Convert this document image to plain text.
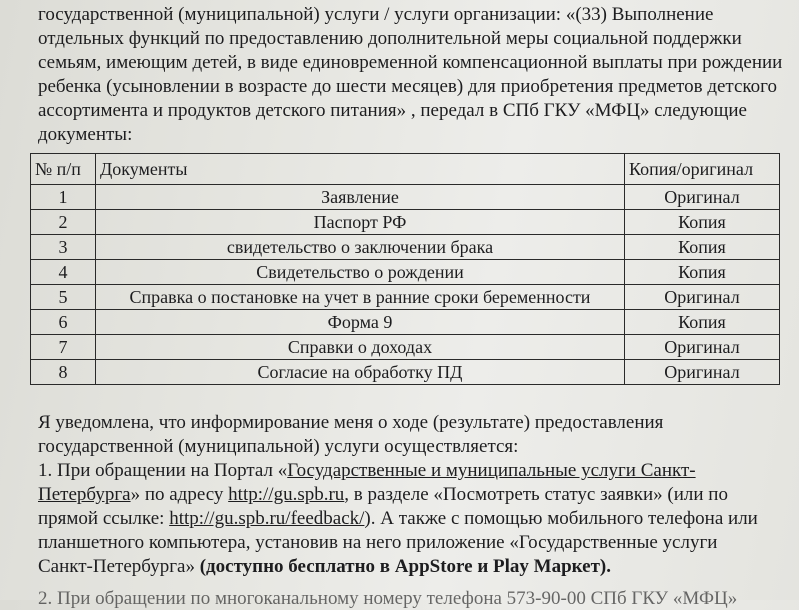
государственной (муниципальной) услуги / услуги организации: «(33) Выполнение
отдельных функций по предоставлению дополнительной меры социальной поддержки
семьям, имеющим детей, в виде единовременной компенсационной выплаты при рождении
ребенка (усыновлении в возрасте до шести месяцев) для приобретения предметов детского
ассортимента и продуктов детского питания» , передал в СПб ГКУ «МФЦ» следующие
документы:
№ п/п	Документы	Копия/оригинал
1	Заявление	Оригинал
2	Паспорт РФ	Копия
3	свидетельство о заключении брака	Копия
4	Свидетельство о рождении	Копия
5	Справка о постановке на учет в ранние сроки беременности	Оригинал
6	Форма 9	Копия
7	Справки о доходах	Оригинал
8	Согласие на обработку ПД	Оригинал
Я уведомлена, что информирование меня о ходе (результате) предоставления
государственной (муниципальной) услуги осуществляется:
1. При обращении на Портал «Государственные и муниципальные услуги Санкт-
Петербурга» по адресу http://gu.spb.ru, в разделе «Посмотреть статус заявки» (или по
прямой ссылке: http://gu.spb.ru/feedback/). А также с помощью мобильного телефона или
планшетного компьютера, установив на него приложение «Государственные услуги
Санкт-Петербурга» (доступно бесплатно в AppStore и Play Маркет).
2. При обращении по многоканальному номеру телефона 573-90-00 СПб ГКУ «МФЦ»
